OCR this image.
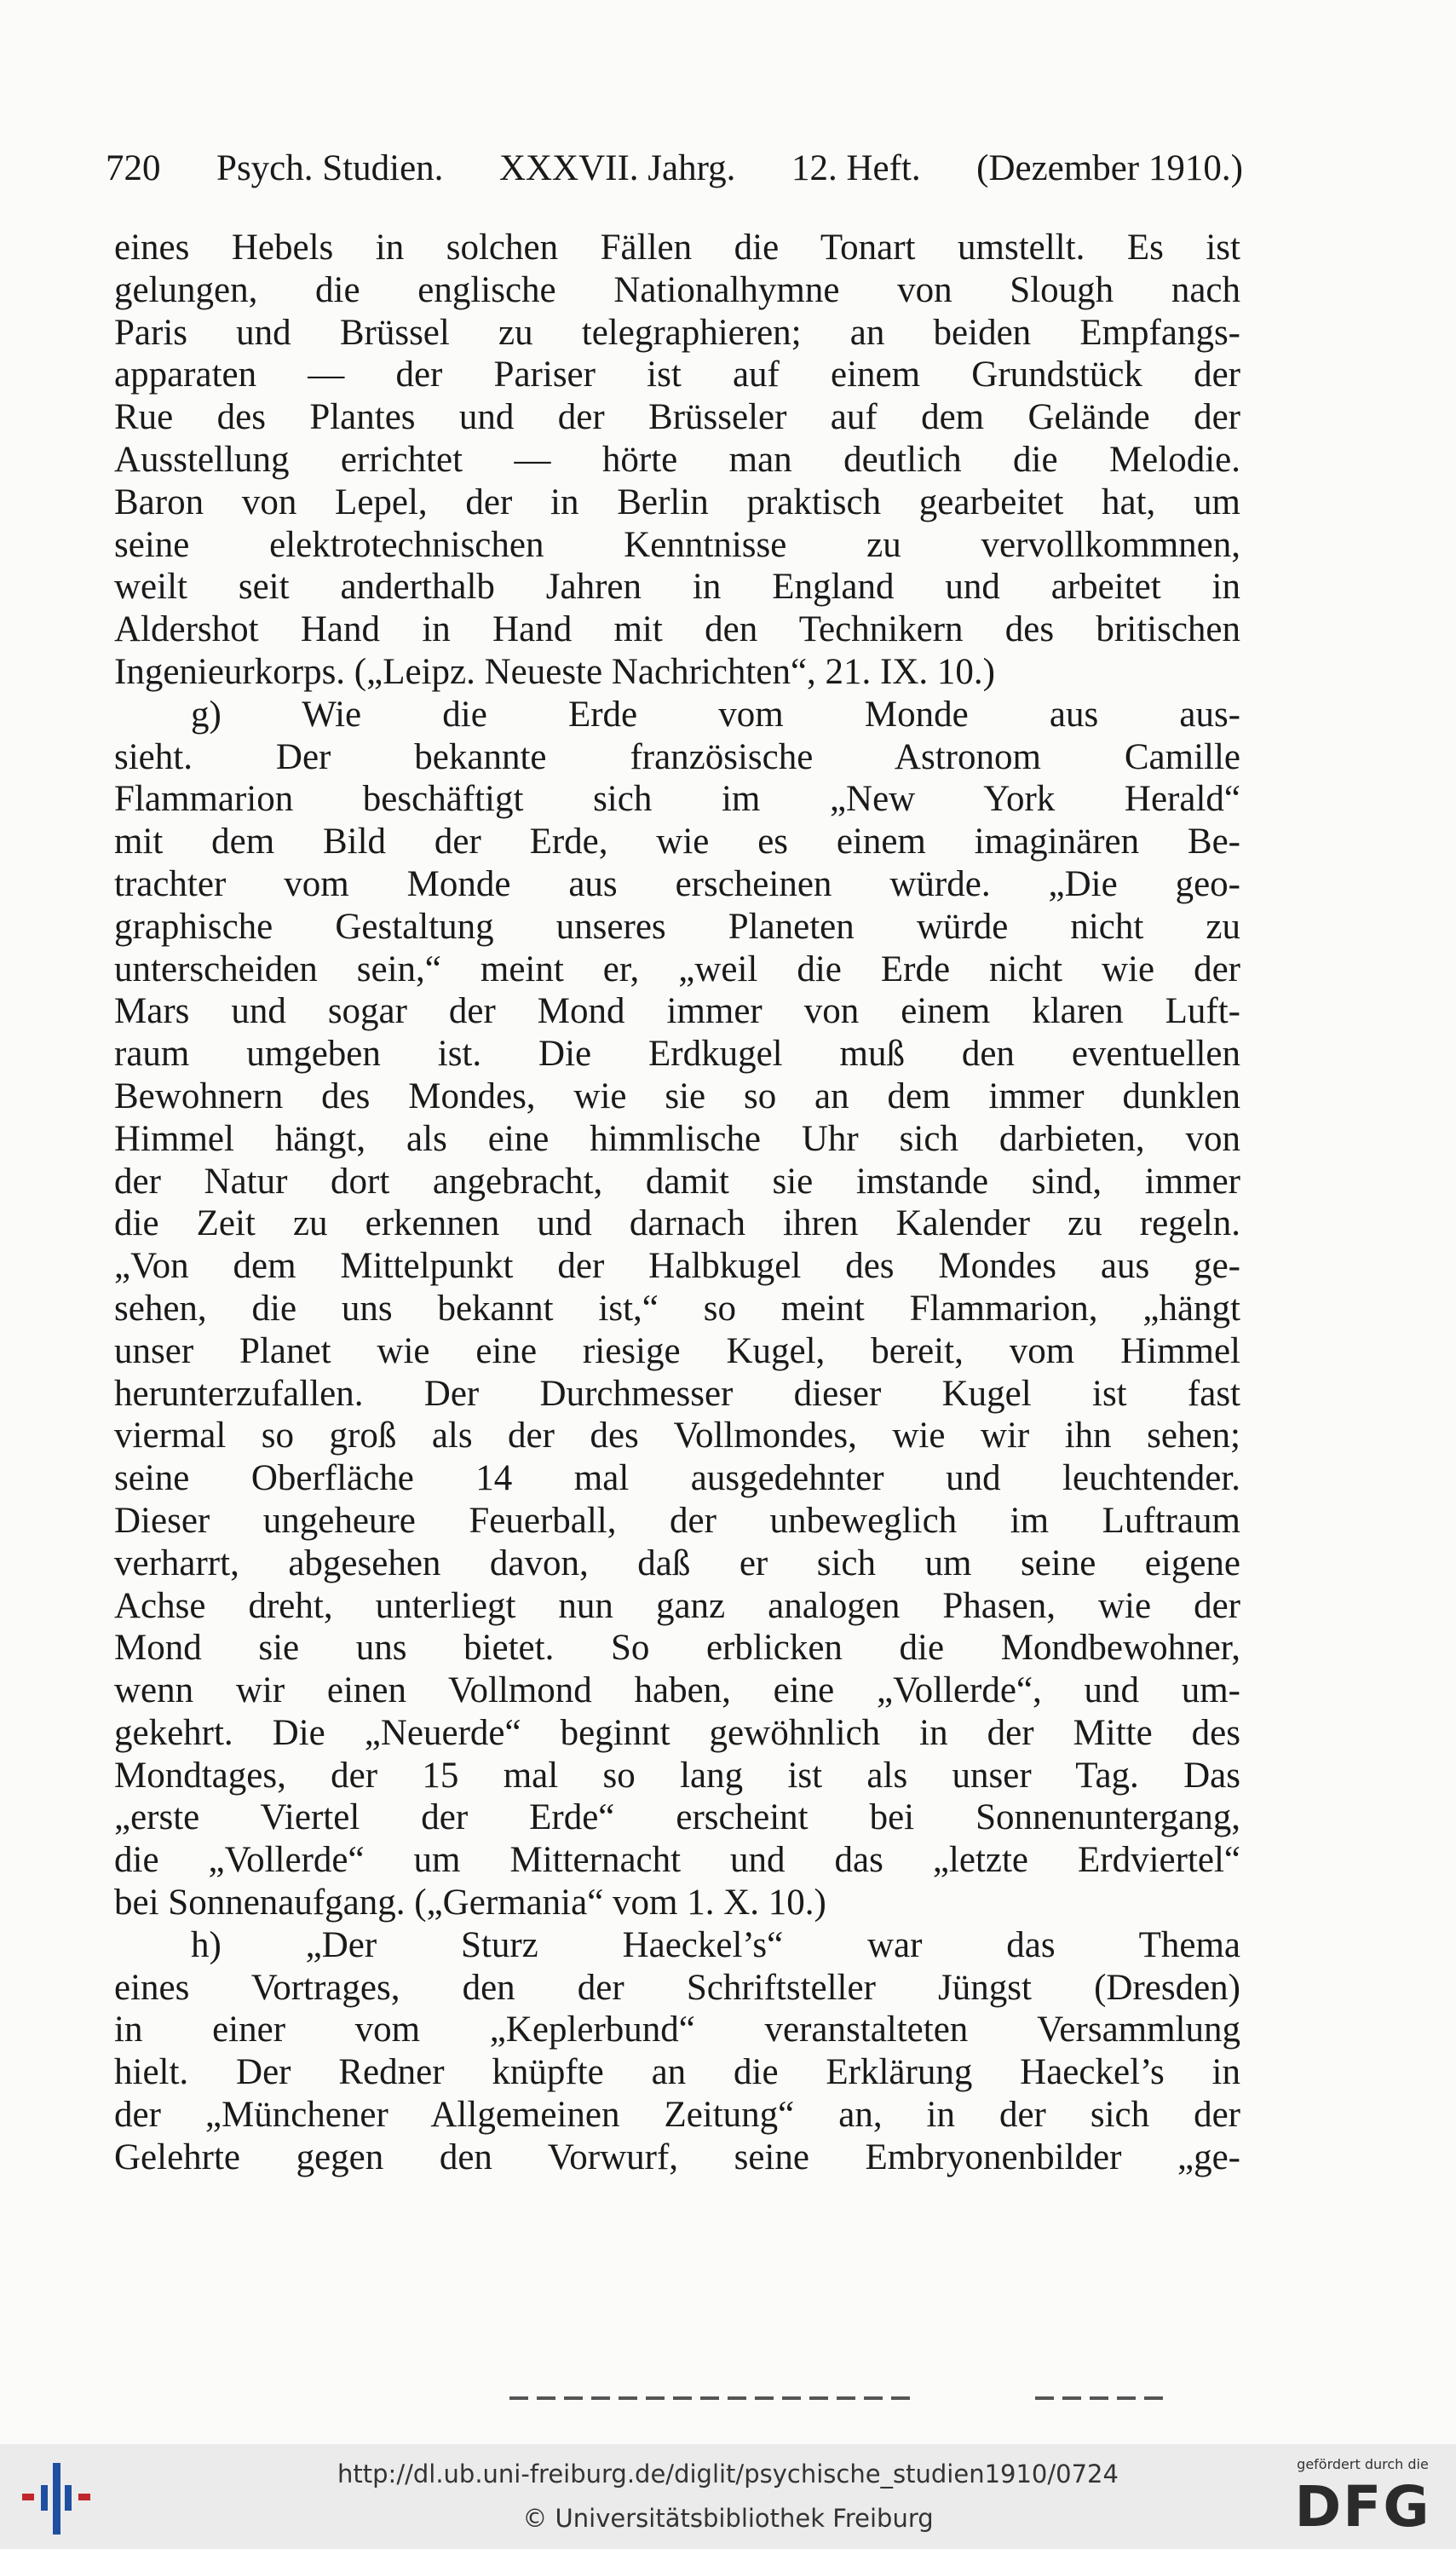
720 Psych. Studien. XXXVII. Jahrg. 12. Heft. (Dezember 1910.)
eines Hebels in solchen Fällen die Tonart umstellt. Es ist
gelungen, die englische Nationalhymne von Slough nach
Paris und Brüssel zu telegraphieren; an beiden Empfangs-
apparaten — der Pariser ist auf einem Grundstück der
Rue des Plantes und der Brüsseler auf dem Gelände der
Ausstellung errichtet — hörte man deutlich die Melodie.
Baron von Lepel, der in Berlin praktisch gearbeitet hat, um
seine elektrotechnischen Kenntnisse zu vervollkommnen,
weilt seit anderthalb Jahren in England und arbeitet in
Aldershot Hand in Hand mit den Technikern des britischen
Ingenieurkorps. („Leipz. Neueste Nachrichten“, 21. IX. 10.)
g) Wie die Erde vom Monde aus aus-
sieht. Der bekannte französische Astronom Camille
Flammarion beschäftigt sich im „New York Herald“
mit dem Bild der Erde, wie es einem imaginären Be-
trachter vom Monde aus erscheinen würde. „Die geo-
graphische Gestaltung unseres Planeten würde nicht zu
unterscheiden sein,“ meint er, „weil die Erde nicht wie der
Mars und sogar der Mond immer von einem klaren Luft-
raum umgeben ist. Die Erdkugel muß den eventuellen
Bewohnern des Mondes, wie sie so an dem immer dunklen
Himmel hängt, als eine himmlische Uhr sich darbieten, von
der Natur dort angebracht, damit sie imstande sind, immer
die Zeit zu erkennen und darnach ihren Kalender zu regeln.
„Von dem Mittelpunkt der Halbkugel des Mondes aus ge-
sehen, die uns bekannt ist,“ so meint Flammarion, „hängt
unser Planet wie eine riesige Kugel, bereit, vom Himmel
herunterzufallen. Der Durchmesser dieser Kugel ist fast
viermal so groß als der des Vollmondes, wie wir ihn sehen;
seine Oberfläche 14 mal ausgedehnter und leuchtender.
Dieser ungeheure Feuerball, der unbeweglich im Luftraum
verharrt, abgesehen davon, daß er sich um seine eigene
Achse dreht, unterliegt nun ganz analogen Phasen, wie der
Mond sie uns bietet. So erblicken die Mondbewohner,
wenn wir einen Vollmond haben, eine „Vollerde“, und um-
gekehrt. Die „Neuerde“ beginnt gewöhnlich in der Mitte des
Mondtages, der 15 mal so lang ist als unser Tag. Das
„erste Viertel der Erde“ erscheint bei Sonnenuntergang,
die „Vollerde“ um Mitternacht und das „letzte Erdviertel“
bei Sonnenaufgang. („Germania“ vom 1. X. 10.)
h) „Der Sturz Haeckel’s“ war das Thema
eines Vortrages, den der Schriftsteller Jüngst (Dresden)
in einer vom „Keplerbund“ veranstalteten Versammlung
hielt. Der Redner knüpfte an die Erklärung Haeckel’s in
der „Münchener Allgemeinen Zeitung“ an, in der sich der
Gelehrte gegen den Vorwurf, seine Embryonenbilder „ge-
http://dl.ub.uni-freiburg.de/diglit/psychische_studien1910/0724
© Universitätsbibliothek Freiburg
gefördert durch die
DFG
